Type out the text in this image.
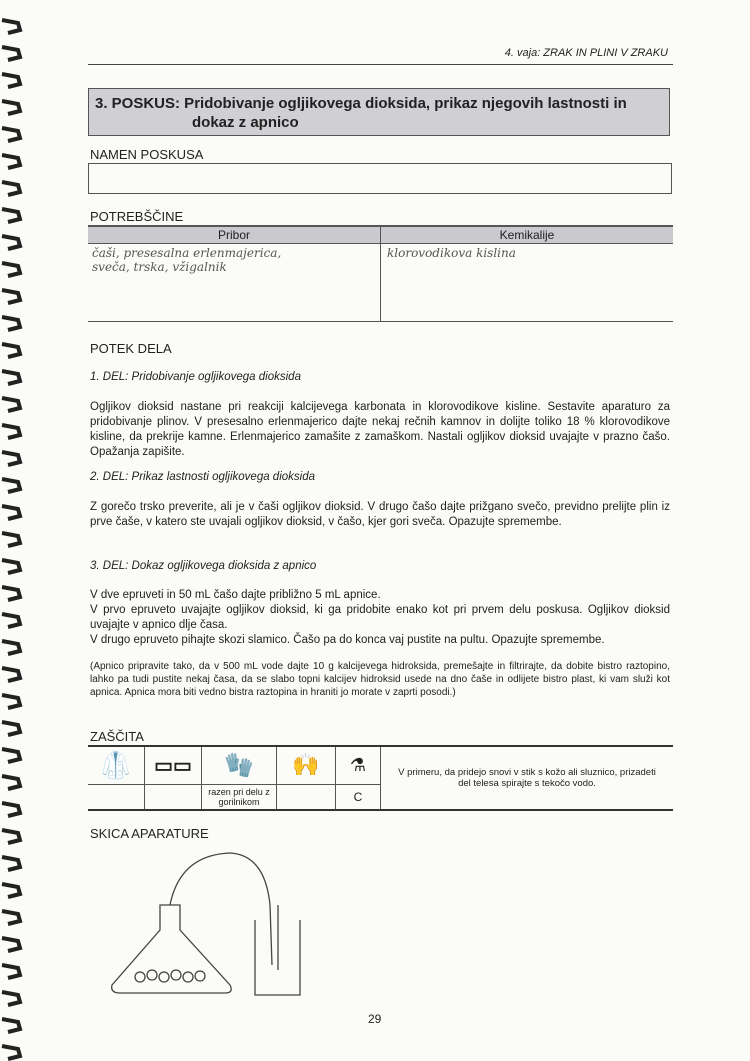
4. vaja: ZRAK IN PLINI V ZRAKU
3. POSKUS: Pridobivanje ogljikovega dioksida, prikaz njegovih lastnosti in
dokaz z apnico
NAMEN POSKUSA
POTREBŠČINE
Pribor	Kemikalije

čaši, presesalna erlenmajerica,
sveča, trska, vžigalnik	klorovodikova kislina
POTEK DELA
1. DEL: Pridobivanje ogljikovega dioksida
Ogljikov dioksid nastane pri reakciji kalcijevega karbonata in klorovodikove kisline. Sestavite aparaturo za pridobivanje plinov. V presesalno erlenmajerico dajte nekaj rečnih kamnov in dolijte toliko 18 % klorovodikove kisline, da prekrije kamne. Erlenmajerico zamašite z zamaškom. Nastali ogljikov dioksid uvajajte v prazno čašo. Opažanja zapišite.
2. DEL: Prikaz lastnosti ogljikovega dioksida
Z gorečo trsko preverite, ali je v čaši ogljikov dioksid. V drugo čašo dajte prižgano svečo, previdno prelijte plin iz prve čaše, v katero ste uvajali ogljikov dioksid, v čašo, kjer gori sveča. Opazujte spremembe.
3. DEL: Dokaz ogljikovega dioksida z apnico
V dve epruveti in 50 mL čašo dajte približno 5 mL apnice.
V prvo epruveto uvajajte ogljikov dioksid, ki ga pridobite enako kot pri prvem delu poskusa. Ogljikov dioksid uvajajte v apnico dlje časa.
V drugo epruveto pihajte skozi slamico. Čašo pa do konca vaj pustite na pultu. Opazujte spremembe.
(Apnico pripravite tako, da v 500 mL vode dajte 10 g kalcijevega hidroksida, premešajte in filtrirajte, da dobite bistro raztopino, lahko pa tudi pustite nekaj časa, da se slabo topni kalcijev hidroksid usede na dno čaše in odlijete bistro plast, ki vam služi kot apnica. Apnica mora biti vedno bistra raztopina in hraniti jo morate v zaprti posodi.)
ZAŠČITA
🥼	▭▭	🧤	🙌	⚗	V primeru, da pridejo snovi v stik s kožo ali sluznico, prizadeti del telesa spirajte s tekočo vodo.
		razen pri delu z gorilnikom		C	
SKICA APARATURE
29
